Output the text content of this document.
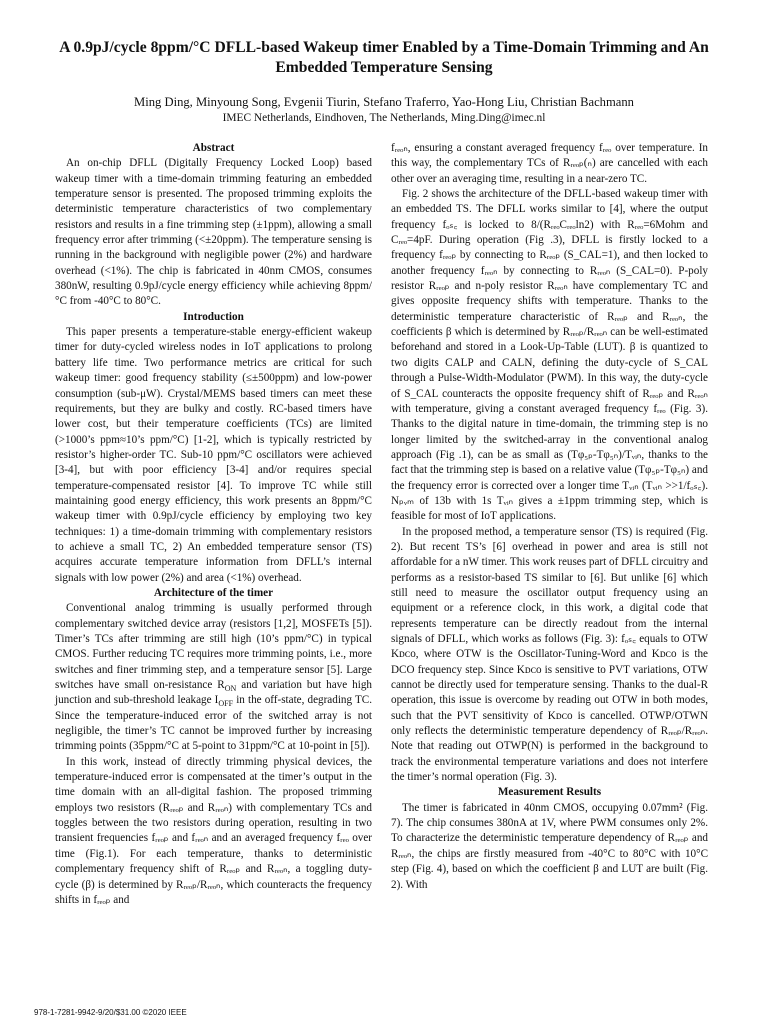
A 0.9pJ/cycle 8ppm/°C DFLL-based Wakeup timer Enabled by a Time-Domain Trimming and An Embedded Temperature Sensing
Ming Ding, Minyoung Song, Evgenii Tiurin, Stefano Traferro, Yao-Hong Liu, Christian Bachmann
IMEC Netherlands, Eindhoven, The Netherlands, Ming.Ding@imec.nl
Abstract

An on-chip DFLL (Digitally Frequency Locked Loop) based wakeup timer with a time-domain trimming featuring an embedded temperature sensor is presented. The proposed trimming exploits the deterministic temperature characteristics of two complementary resistors and results in a fine trimming step (±1ppm), allowing a small frequency error after trimming (<±20ppm). The temperature sensing is running in the background with negligible power (2%) and hardware overhead (<1%). The chip is fabricated in 40nm CMOS, consumes 380nW, resulting 0.9pJ/cycle energy efficiency while achieving 8ppm/°C from -40°C to 80°C.

Introduction

This paper presents a temperature-stable energy-efficient wakeup timer for duty-cycled wireless nodes in IoT applications to prolong battery life time. Two performance metrics are critical for such wakeup timer: good frequency stability (≤±500ppm) and low-power consumption (sub-μW). Crystal/MEMS based timers can meet these requirements, but they are bulky and costly. RC-based timers have lower cost, but their temperature coefficients (TCs) are limited (>1000’s ppm≈10’s ppm/°C) [1-2], which is typically restricted by resistor’s higher-order TC. Sub-10 ppm/°C oscillators were achieved [3-4], but with poor efficiency [3-4] and/or requires special temperature-compensated resistor [4]. To improve TC while still maintaining good energy efficiency, this work presents an 8ppm/°C wakeup timer with 0.9pJ/cycle efficiency by employing two key techniques: 1) a time-domain trimming with complementary resistors to achieve a small TC, 2) An embedded temperature sensor (TS) acquires accurate temperature information from DFLL’s internal signals with low power (2%) and area (<1%) overhead.

Architecture of the timer

Conventional analog trimming is usually performed through complementary switched device array (resistors [1,2], MOSFETs [5]). Timer’s TCs after trimming are still high (10’s ppm/°C) in typical CMOS. Further reducing TC requires more trimming points, i.e., more switches and finer trimming step, and a temperature sensor [5]. Large switches have small on-resistance $R_{ON}$ and variation but have high junction and sub-threshold leakage $I_{OFF}$ in the off-state, degrading TC. Since the temperature-induced error of the switched array is not negligible, the timer’s TC cannot be improved further by increasing trimming points (35ppm/°C at 5-point to 31ppm/°C at 10-point in [5]).

In this work, instead of directly trimming physical devices, the temperature-induced error is compensated at the timer’s output in the time domain with an all-digital fashion. The proposed trimming employs two resistors (Rᵣₑₒₚ and Rᵣₑₒₙ) with complementary TCs and toggles between the two resistors during operation, resulting in two transient frequencies fᵣₑₒₚ and fᵣₑₒₙ and an averaged frequency fᵣₑₒ over time (Fig.1). For each temperature, thanks to deterministic complementary frequency shift of Rᵣₑₒₚ and Rᵣₑₒₙ, a toggling duty-cycle (β) is determined by Rᵣₑₒₚ/Rᵣₑₒₙ, which counteracts the frequency shifts in fᵣₑₒₚ and

fᵣₑₒₙ, ensuring a constant averaged frequency fᵣₑₒ over temperature. In this way, the complementary TCs of Rᵣₑₒₚ(ₙ) are cancelled with each other over an averaging time, resulting in a near-zero TC.

Fig. 2 shows the architecture of the DFLL-based wakeup timer with an embedded TS. The DFLL works similar to [4], where the output frequency fₒₛ꜀ is locked to 8/(RᵣₑₒCᵣₑₒln2) with Rᵣₑₒ=6Mohm and Cᵣₑₒ=4pF. During operation (Fig .3), DFLL is firstly locked to a frequency fᵣₑₒₚ by connecting to Rᵣₑₒₚ (S_CAL=1), and then locked to another frequency fᵣₑₒₙ by connecting to Rᵣₑₒₙ (S_CAL=0). P-poly resistor Rᵣₑₒₚ and n-poly resistor Rᵣₑₒₙ have complementary TC and gives opposite frequency shifts with temperature. Thanks to the deterministic temperature characteristic of Rᵣₑₒₚ and Rᵣₑₒₙ, the coefficients β which is determined by Rᵣₑₒₚ/Rᵣₑₒₙ can be well-estimated beforehand and stored in a Look-Up-Table (LUT). β is quantized to two digits CALP and CALN, defining the duty-cycle of S_CAL through a Pulse-Width-Modulator (PWM). In this way, the duty-cycle of S_CAL counteracts the opposite frequency shift of Rᵣₑₒₚ and Rᵣₑₒₙ with temperature, giving a constant averaged frequency fᵣₑₒ (Fig. 3). Thanks to the digital nature in time-domain, the trimming step is no longer limited by the switched-array in the conventional analog approach (Fig .1), can be as small as (Tφ₅ₚ-Tφ₅ₙ)/Tᵥᵢₙ, thanks to the fact that the trimming step is based on a relative value (Tφ₅ₚ-Tφ₅ₙ) and the frequency error is corrected over a longer time Tᵥᵢₙ (Tᵥᵢₙ >>1/fₒₛ꜀). Nₚᵥₘ of 13b with 1s Tᵥᵢₙ gives a ±1ppm trimming step, which is feasible for most of IoT applications.

In the proposed method, a temperature sensor (TS) is required (Fig. 2). But recent TS’s [6] overhead in power and area is still not affordable for a nW timer. This work reuses part of DFLL circuitry and performs as a resistor-based TS similar to [6]. But unlike [6] which still need to measure the oscillator output frequency using an equipment or a reference clock, in this work, a digital code that represents temperature can be directly readout from the internal signals of DFLL, which works as follows (Fig. 3): fₒₛ꜀ equals to OTW Kᴅᴄᴏ, where OTW is the Oscillator-Tuning-Word and Kᴅᴄᴏ is the DCO frequency step. Since Kᴅᴄᴏ is sensitive to PVT variations, OTW cannot be directly used for temperature sensing. Thanks to the dual-R operation, this issue is overcome by reading out OTW in both modes, such that the PVT sensitivity of Kᴅᴄᴏ is cancelled. OTWP/OTWN only reflects the deterministic temperature dependency of Rᵣₑₒₚ/Rᵣₑₒₙ. Note that reading out OTWP(N) is performed in the background to track the environmental temperature variations and does not interfere the timer’s normal operation (Fig. 3).

Measurement Results

The timer is fabricated in 40nm CMOS, occupying 0.07mm² (Fig. 7). The chip consumes 380nA at 1V, where PWM consumes only 2%. To characterize the deterministic temperature dependency of Rᵣₑₒₚ and Rᵣₑₒₙ, the chips are firstly measured from -40°C to 80°C with 10°C step (Fig. 4), based on which the coefficient β and LUT are built (Fig. 2). With

978-1-7281-9942-9/20/$31.00 ©2020 IEEE
